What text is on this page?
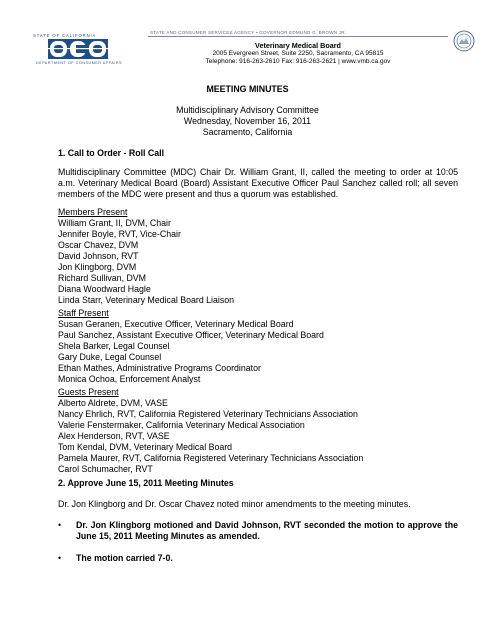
STATE OF CALIFORNIA
DEPARTMENT OF CONSUMER AFFAIRS
STATE AND CONSUMER SERVICES AGENCY • GOVERNOR EDMUND G. BROWN JR.
Veterinary Medical Board
2005 Evergreen Street, Suite 2250, Sacramento, CA 95815
Telephone: 916-263-2610 Fax: 916-263-2621 | www.vmb.ca.gov
MEETING MINUTES
Multidisciplinary Advisory Committee
Wednesday, November 16, 2011
Sacramento, California
1. Call to Order - Roll Call
Multidisciplinary Committee (MDC) Chair Dr. William Grant, II, called the meeting to order at 10:05 a.m. Veterinary Medical Board (Board) Assistant Executive Officer Paul Sanchez called roll; all seven members of the MDC were present and thus a quorum was established.
Members Present
William Grant, II, DVM, Chair
Jennifer Boyle, RVT, Vice-Chair
Oscar Chavez, DVM
David Johnson, RVT
Jon Klingborg, DVM
Richard Sullivan, DVM
Diana Woodward Hagle
Linda Starr, Veterinary Medical Board Liaison
Staff Present
Susan Geranen, Executive Officer, Veterinary Medical Board
Paul Sanchez, Assistant Executive Officer, Veterinary Medical Board
Shela Barker, Legal Counsel
Gary Duke, Legal Counsel
Ethan Mathes, Administrative Programs Coordinator
Monica Ochoa, Enforcement Analyst
Guests Present
Alberto Aldrete, DVM, VASE
Nancy Ehrlich, RVT, California Registered Veterinary Technicians Association
Valerie Fenstermaker, California Veterinary Medical Association
Alex Henderson, RVT, VASE
Tom Kendal, DVM, Veterinary Medical Board
Pamela Maurer, RVT, California Registered Veterinary Technicians Association
Carol Schumacher, RVT
2. Approve June 15, 2011 Meeting Minutes
Dr. Jon Klingborg and Dr. Oscar Chavez noted minor amendments to the meeting minutes.
• Dr. Jon Klingborg motioned and David Johnson, RVT seconded the motion to approve the June 15, 2011 Meeting Minutes as amended.
• The motion carried 7-0.
